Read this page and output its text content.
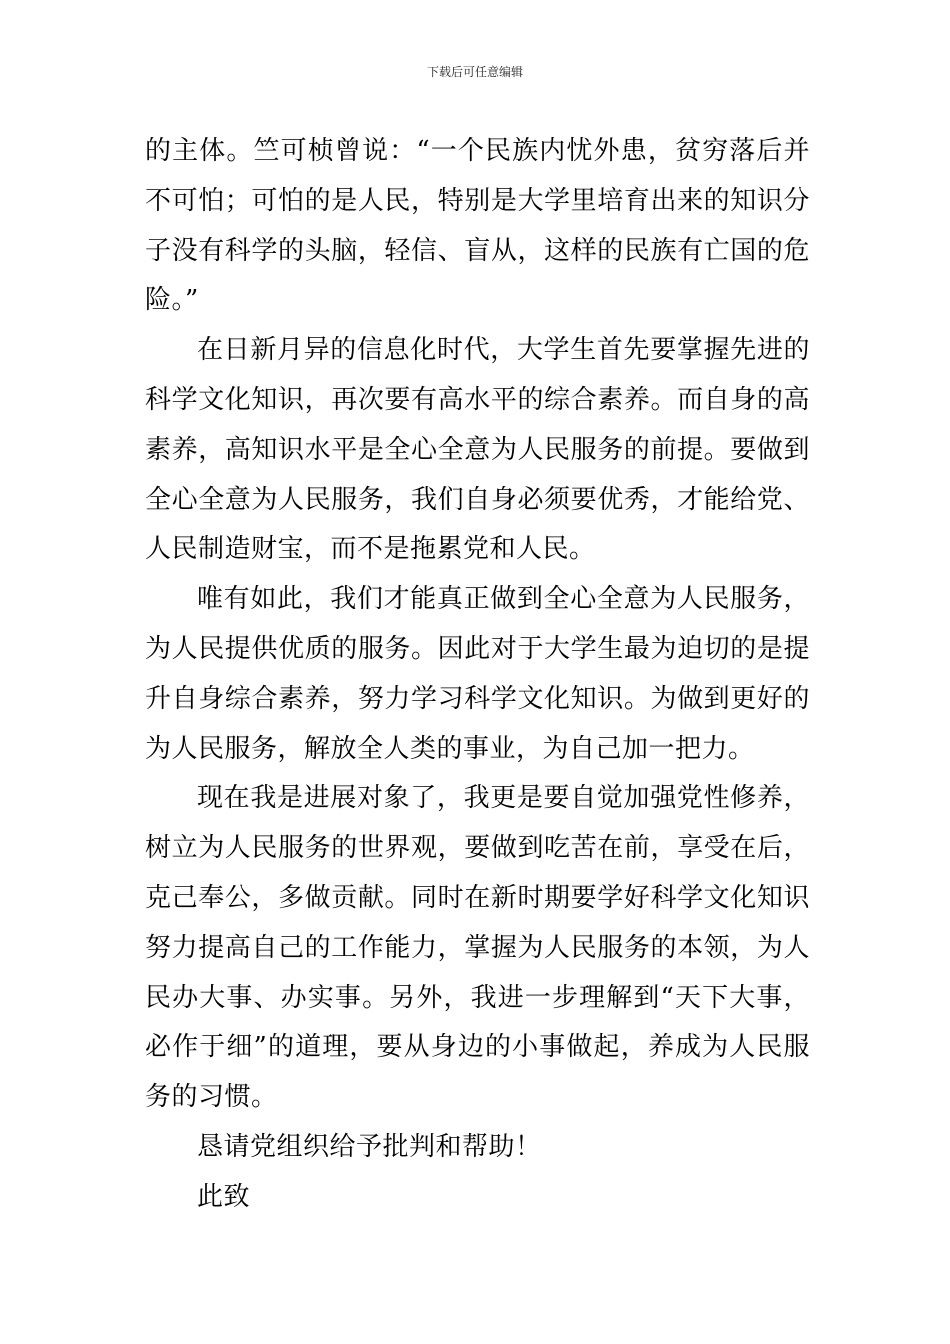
下载后可任意编辑

的主体。竺可桢曾说：“一个民族内忧外患，贫穷落后并不可怕；可怕的是人民，特别是大学里培育出来的知识分子没有科学的头脑，轻信、盲从，这样的民族有亡国的危险。”

在日新月异的信息化时代，大学生首先要掌握先进的科学文化知识，再次要有高水平的综合素养。而自身的高素养，高知识水平是全心全意为人民服务的前提。要做到全心全意为人民服务，我们自身必须要优秀，才能给党、人民制造财宝，而不是拖累党和人民。

唯有如此，我们才能真正做到全心全意为人民服务，为人民提供优质的服务。因此对于大学生最为迫切的是提升自身综合素养，努力学习科学文化知识。为做到更好的为人民服务，解放全人类的事业，为自己加一把力。

现在我是进展对象了，我更是要自觉加强党性修养，树立为人民服务的世界观，要做到吃苦在前，享受在后，克己奉公，多做贡献。同时在新时期要学好科学文化知识努力提高自己的工作能力，掌握为人民服务的本领，为人民办大事、办实事。另外，我进一步理解到“天下大事，必作于细”的道理，要从身边的小事做起，养成为人民服务的习惯。

恳请党组织给予批判和帮助！

此致
